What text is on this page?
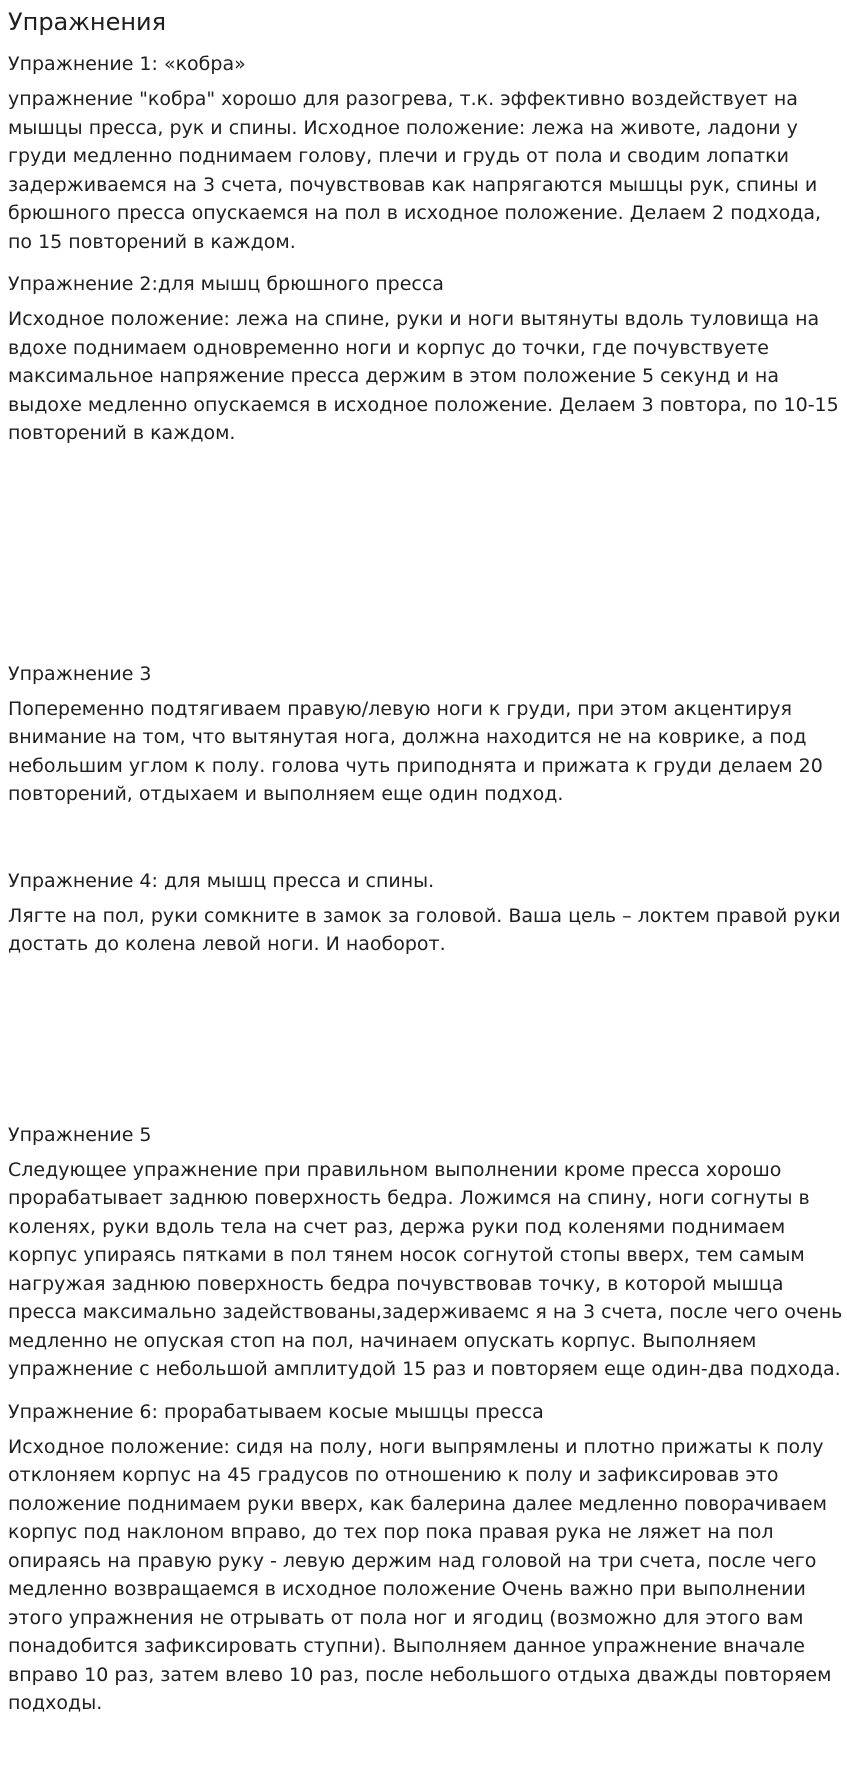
Упражнения
Упражнение 1: «кобра»

упражнение "кобра" хорошо для разогрева, т.к. эффективно воздействует на мышцы пресса, рук и спины. Исходное положение: лежа на животе, ладони у груди медленно поднимаем голову, плечи и грудь от пола и сводим лопатки задерживаемся на 3 счета, почувствовав как напрягаются мышцы рук, спины и брюшного пресса опускаемся на пол в исходное положение. Делаем 2 подхода, по 15 повторений в каждом.

Упражнение 2:для мышц брюшного пресса

Исходное положение: лежа на спине, руки и ноги вытянуты вдоль туловища на вдохе поднимаем одновременно ноги и корпус до точки, где почувствуете максимальное напряжение пресса держим в этом положение 5 секунд и на выдохе медленно опускаемся в исходное положение. Делаем 3 повтора, по 10-15 повторений в каждом.

Упражнение 3

Попеременно подтягиваем правую/левую ноги к груди, при этом акцентируя внимание на том, что вытянутая нога, должна находится не на коврике, а под небольшим углом к полу. голова чуть приподнята и прижата к груди делаем 20 повторений, отдыхаем и выполняем еще один подход.

Упражнение 4: для мышц пресса и спины.

Лягте на пол, руки сомкните в замок за головой. Ваша цель – локтем правой руки достать до колена левой ноги. И наоборот.

Упражнение 5

Следующее упражнение при правильном выполнении кроме пресса хорошо прорабатывает заднюю поверхность бедра. Ложимся на спину, ноги согнуты в коленях, руки вдоль тела на счет раз, держа руки под коленями поднимаем корпус упираясь пятками в пол тянем носок согнутой стопы вверх, тем самым нагружая заднюю поверхность бедра почувствовав точку, в которой мышца пресса максимально задействованы,задерживаемс я на 3 счета, после чего очень медленно не опуская стоп на пол, начинаем опускать корпус. Выполняем упражнение с небольшой амплитудой 15 раз и повторяем еще один-два подхода.

Упражнение 6: прорабатываем косые мышцы пресса

Исходное положение: сидя на полу, ноги выпрямлены и плотно прижаты к полу отклоняем корпус на 45 градусов по отношению к полу и зафиксировав это положение поднимаем руки вверх, как балерина далее медленно поворачиваем корпус под наклоном вправо, до тех пор пока правая рука не ляжет на пол опираясь на правую руку - левую держим над головой на три счета, после чего медленно возвращаемся в исходное положение Очень важно при выполнении этого упражнения не отрывать от пола ног и ягодиц (возможно для этого вам понадобится зафиксировать ступни). Выполняем данное упражнение вначале вправо 10 раз, затем влево 10 раз, после небольшого отдыха дважды повторяем подходы.
